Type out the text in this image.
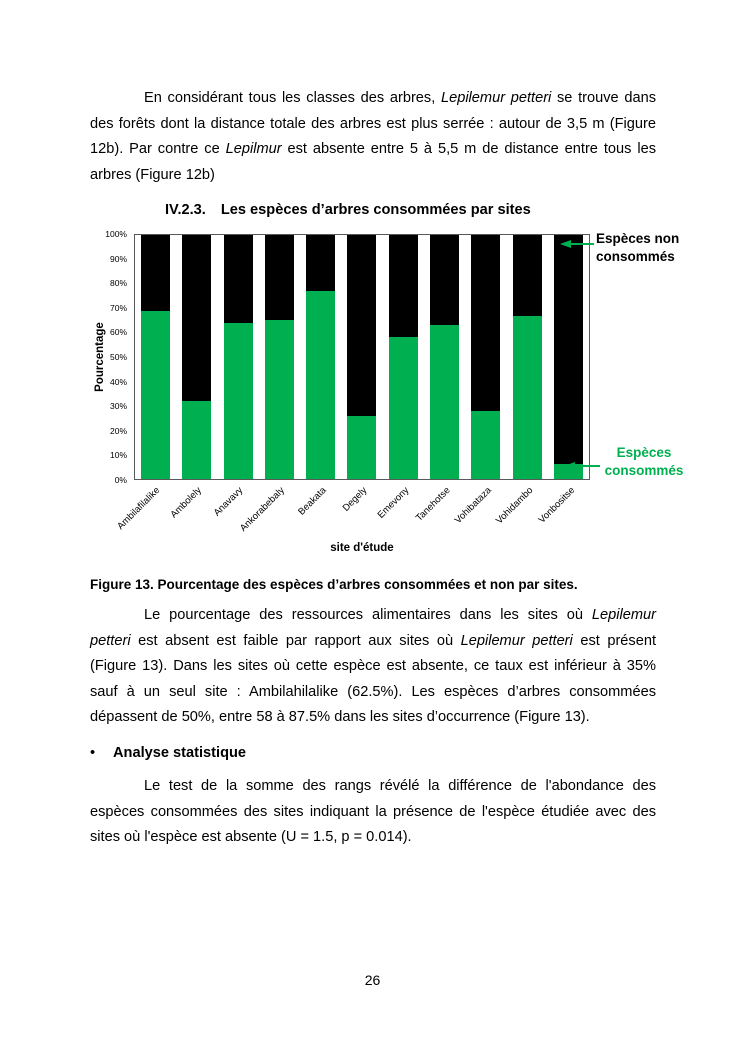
En considérant tous les classes des arbres, Lepilemur petteri se trouve dans des forêts dont la distance totale des arbres est plus serrée : autour de 3,5 m (Figure 12b). Par contre ce Lepilmur est absente entre 5 à 5,5 m de distance entre tous les arbres (Figure 12b)

IV.2.3. Les espèces d’arbres consommées par sites
Pourcentage
0%
10%
20%
30%
40%
50%
60%
70%
80%
90%
100%
Ambilafilalike Ambolely Anavavy
Ankorabebaly Beakata Degely Emevony Tanehotse Vohibataza Vohidambo Vonbositse
site d'étude
Espèces non consommés
Espèces consommés

Figure 13. Pourcentage des espèces d’arbres consommées et non par sites.

Le pourcentage des ressources alimentaires dans les sites où Lepilemur petteri est absent est faible par rapport aux sites où Lepilemur petteri est présent (Figure 13). Dans les sites où cette espèce est absente, ce taux est inférieur à 35% sauf à un seul site : Ambilahilalike (62.5%). Les espèces d’arbres consommées dépassent de 50%, entre 58 à 87.5% dans les sites d’occurrence (Figure 13).

•	Analyse statistique

Le test de la somme des rangs révélé la différence de l'abondance des espèces consommées des sites indiquant la présence de l'espèce étudiée avec des sites où l'espèce est absente (U = 1.5, p = 0.014).

26
